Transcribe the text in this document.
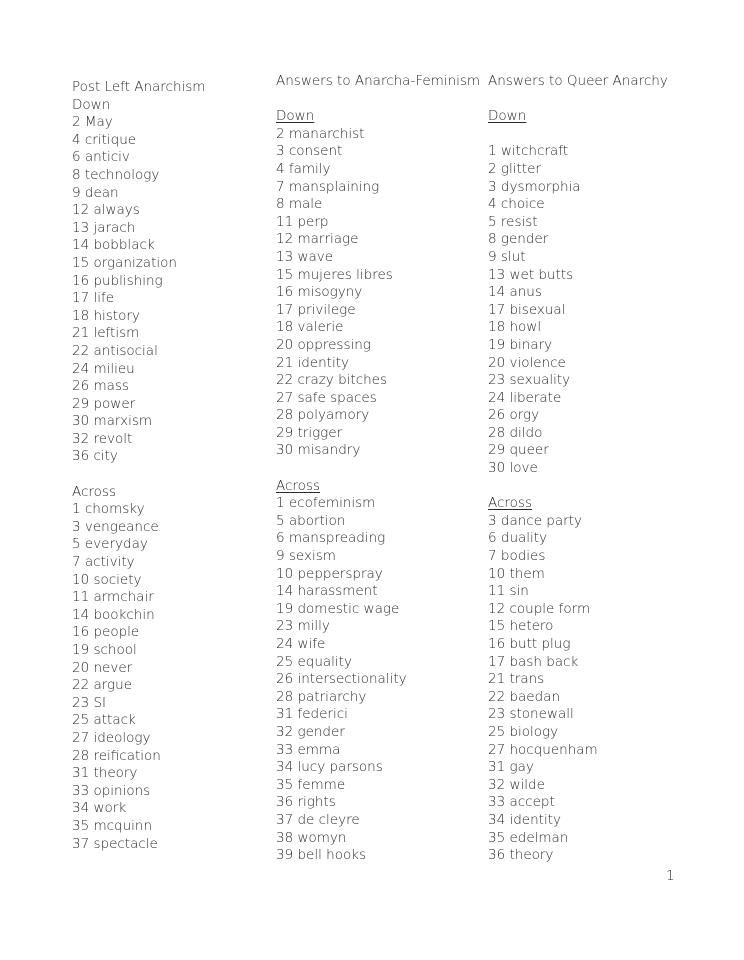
Post Left Anarchism
Down
2 May
4 critique
6 anticiv
8 technology
9 dean
12 always
13 jarach
14 bobblack
15 organization
16 publishing
17 life
18 history
21 leftism
22 antisocial
24 milieu
26 mass
29 power
30 marxism
32 revolt
36 city
Across
1 chomsky
3 vengeance
5 everyday
7 activity
10 society
11 armchair
14 bookchin
16 people
19 school
20 never
22 argue
23 SI
25 attack
27 ideology
28 reification
31 theory
33 opinions
34 work
35 mcquinn
37 spectacle
Answers to Anarcha-Feminism
Down
2 manarchist
3 consent
4 family
7 mansplaining
8 male
11 perp
12 marriage
13 wave
15 mujeres libres
16 misogyny
17 privilege
18 valerie
20 oppressing
21 identity
22 crazy bitches
27 safe spaces
28 polyamory
29 trigger
30 misandry
Across
1 ecofeminism
5 abortion
6 manspreading
9 sexism
10 pepperspray
14 harassment
19 domestic wage
23 milly
24 wife
25 equality
26 intersectionality
28 patriarchy
31 federici
32 gender
33 emma
34 lucy parsons
35 femme
36 rights
37 de cleyre
38 womyn
39 bell hooks
Answers to Queer Anarchy
Down
1 witchcraft
2 glitter
3 dysmorphia
4 choice
5 resist
8 gender
9 slut
13 wet butts
14 anus
17 bisexual
18 howl
19 binary
20 violence
23 sexuality
24 liberate
26 orgy
28 dildo
29 queer
30 love
Across
3 dance party
6 duality
7 bodies
10 them
11 sin
12 couple form
15 hetero
16 butt plug
17 bash back
21 trans
22 baedan
23 stonewall
25 biology
27 hocquenham
31 gay
32 wilde
33 accept
34 identity
35 edelman
36 theory
1
